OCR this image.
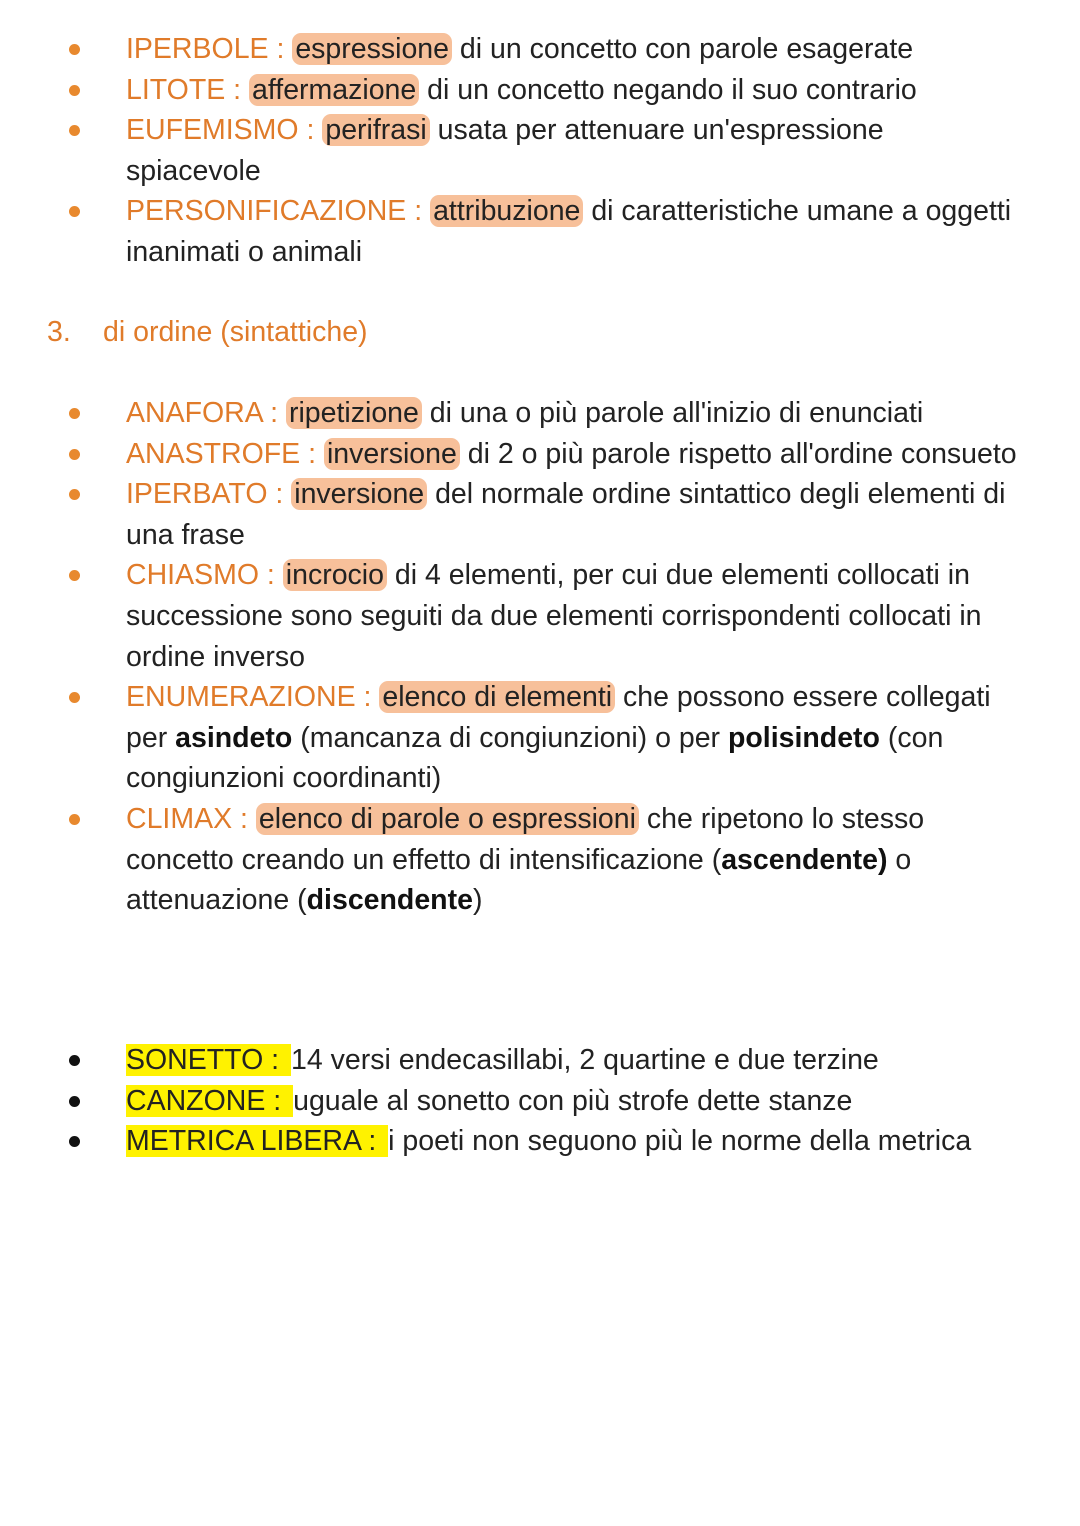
IPERBOLE : espressione di un concetto con parole esagerate
LITOTE : affermazione di un concetto negando il suo contrario
EUFEMISMO : perifrasi usata per attenuare un'espressione spiacevole
PERSONIFICAZIONE : attribuzione di caratteristiche umane a oggetti inanimati o animali
3. di ordine (sintattiche)
ANAFORA : ripetizione di una o più parole all'inizio di enunciati
ANASTROFE : inversione di 2 o più parole rispetto all'ordine consueto
IPERBATO : inversione del normale ordine sintattico degli elementi di una frase
CHIASMO : incrocio di 4 elementi, per cui due elementi collocati in successione sono seguiti da due elementi corrispondenti collocati in ordine inverso
ENUMERAZIONE : elenco di elementi che possono essere collegati per asindeto (mancanza di congiunzioni) o per polisindeto (con congiunzioni coordinanti)
CLIMAX : elenco di parole o espressioni che ripetono lo stesso concetto creando un effetto di intensificazione (ascendente) o attenuazione (discendente)
SONETTO : 14 versi endecasillabi, 2 quartine e due terzine
CANZONE : uguale al sonetto con più strofe dette stanze
METRICA LIBERA : i poeti non seguono più le norme della metrica
